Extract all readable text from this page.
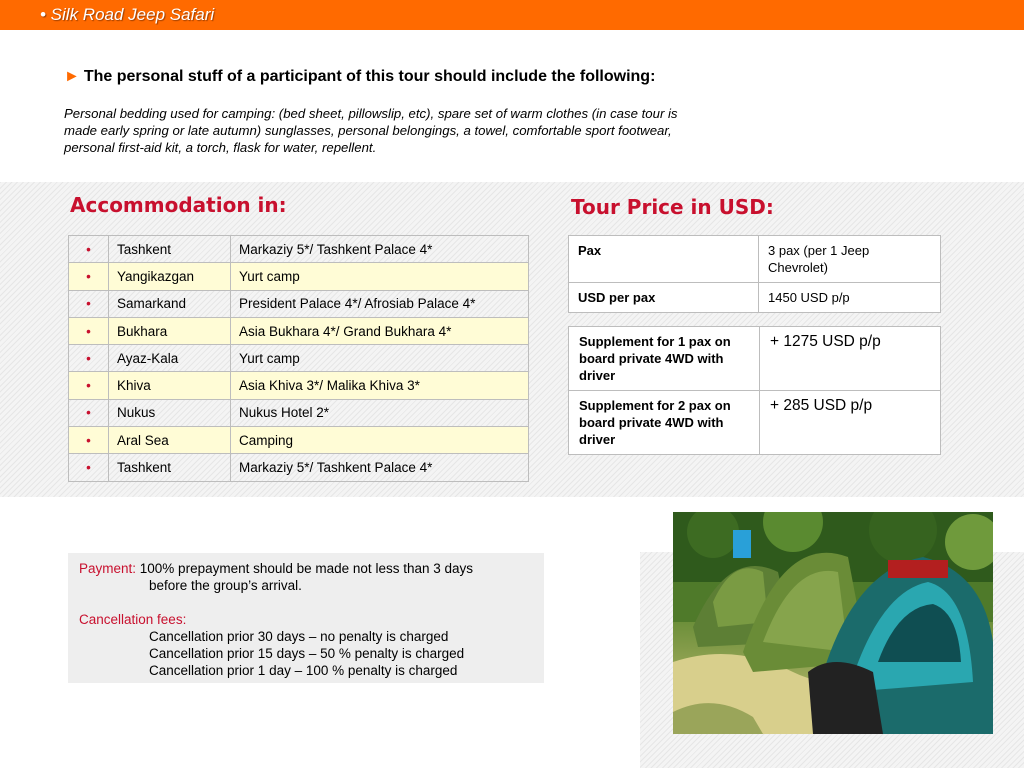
• Silk Road Jeep Safari
► The personal stuff of a participant of this tour should include the following:
Personal bedding used for camping: (bed sheet, pillowslip, etc), spare set of warm clothes (in case tour is
made early spring or late autumn) sunglasses, personal belongings, a towel, comfortable sport footwear,
personal first-aid kit, a torch, flask for water, repellent.
Accommodation in:	Tour Price in USD:
•	Tashkent	Markaziy 5*/ Tashkent Palace 4*
•	Yangikazgan	Yurt camp
•	Samarkand	President Palace 4*/ Afrosiab Palace 4*
•	Bukhara	Asia Bukhara 4*/ Grand Bukhara 4*
•	Ayaz-Kala	Yurt camp
•	Khiva	Asia Khiva 3*/ Malika Khiva 3*
•	Nukus	Nukus Hotel 2*
•	Aral Sea	Camping
•	Tashkent	Markaziy 5*/ Tashkent Palace 4*
Pax	3 pax (per 1 Jeep
Chevrolet)

USD per pax	1450 USD p/p
Supplement for 1 pax on
board private 4WD with
driver	+ 1275 USD p/p

Supplement for 2 pax on
board private 4WD with
driver	+ 285 USD p/p
Payment: 100% prepayment should be made not less than 3 days
before the group’s arrival.
Cancellation fees:
Cancellation prior 30 days – no penalty is charged
Cancellation prior 15 days – 50 % penalty is charged
Cancellation prior 1 day – 100 % penalty is charged
